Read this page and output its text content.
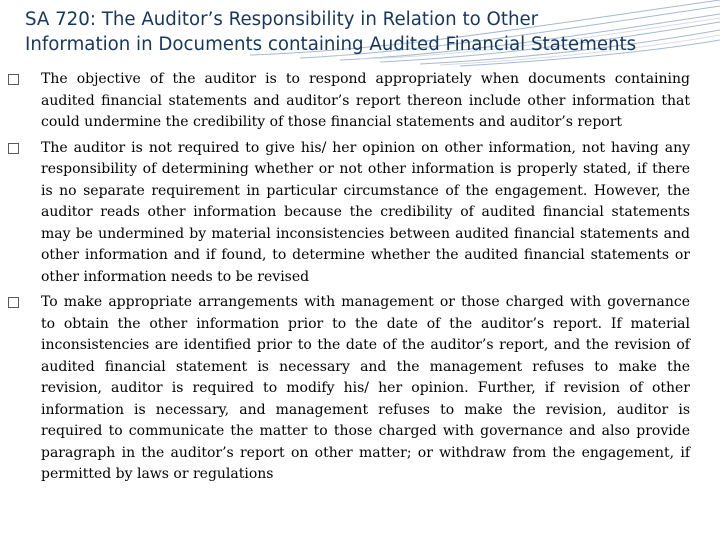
SA 720: The Auditor’s Responsibility in Relation to Other
Information in Documents containing Audited Financial Statements
The objective of the auditor is to respond appropriately when documents containing audited financial statements and auditor’s report thereon include other information that could undermine the credibility of those financial statements and auditor’s report
The auditor is not required to give his/ her opinion on other information, not having any responsibility of determining whether or not other information is properly stated, if there is no separate requirement in particular circumstance of the engagement. However, the auditor reads other information because the credibility of audited financial statements may be undermined by material inconsistencies between audited financial statements and other information and if found, to determine whether the audited financial statements or other information needs to be revised
To make appropriate arrangements with management or those charged with governance to obtain the other information prior to the date of the auditor’s report. If material inconsistencies are identified prior to the date of the auditor’s report, and the revision of audited financial statement is necessary and the management refuses to make the revision, auditor is required to modify his/ her opinion. Further, if revision of other information is necessary, and management refuses to make the revision, auditor is required to communicate the matter to those charged with governance and also provide paragraph in the auditor’s report on other matter; or withdraw from the engagement, if permitted by laws or regulations
